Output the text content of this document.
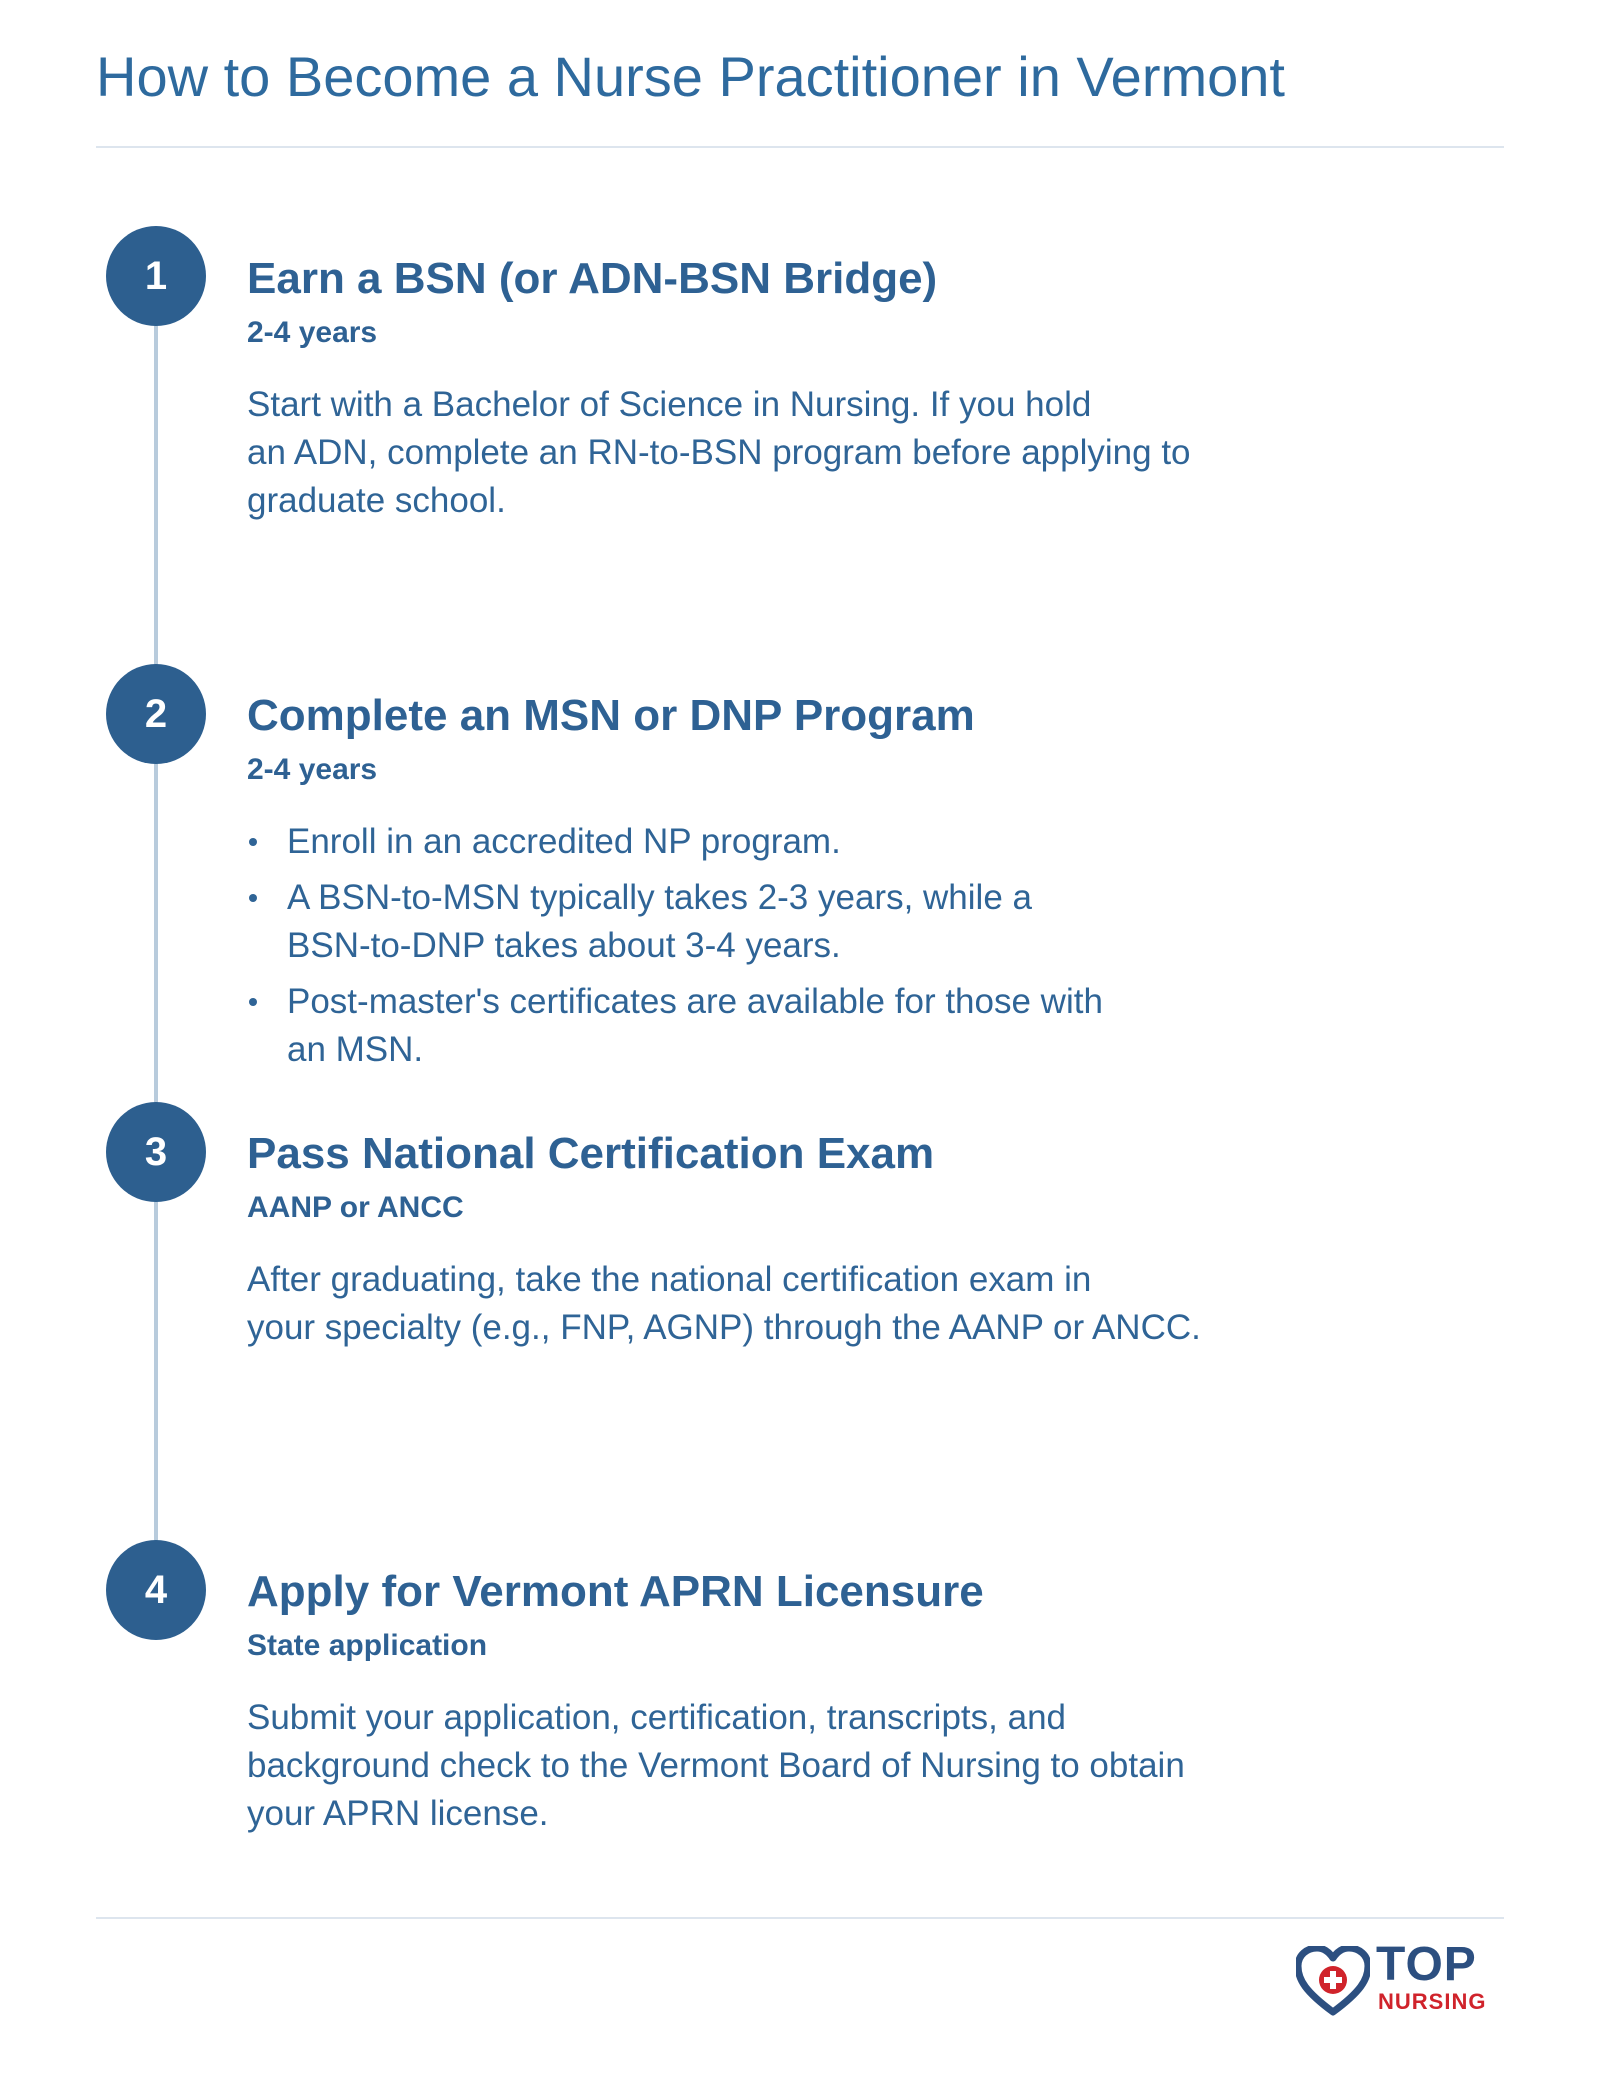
How to Become a Nurse Practitioner in Vermont
1	Earn a BSN (or ADN-BSN Bridge)

2-4 years

Start with a Bachelor of Science in Nursing. If you hold
an ADN, complete an RN-to-BSN program before applying to
graduate school.

2	Complete an MSN or DNP Program

2-4 years

Enroll in an accredited NP program.
A BSN-to-MSN typically takes 2-3 years, while a
BSN-to-DNP takes about 3-4 years.
Post-master's certificates are available for those with
an MSN.
3	Pass National Certification Exam

AANP or ANCC

After graduating, take the national certification exam in
your specialty (e.g., FNP, AGNP) through the AANP or ANCC.

4	Apply for Vermont APRN Licensure

State application

Submit your application, certification, transcripts, and
background check to the Vermont Board of Nursing to obtain
your APRN license.

TOP
NURSING
